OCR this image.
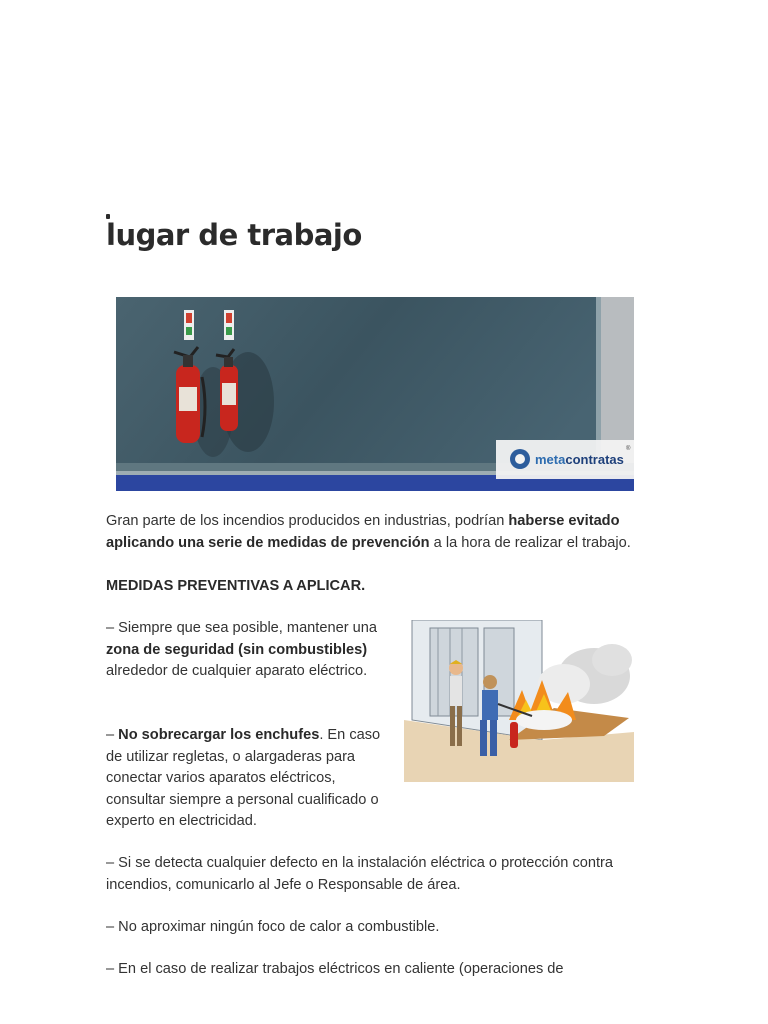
lugar de trabajo
metacontratas
®

Gran parte de los incendios producidos en industrias, podrían haberse evitado aplicando una serie de medidas de prevención a la hora de realizar el trabajo.

MEDIDAS PREVENTIVAS A APLICAR.

– Siempre que sea posible, mantener una zona de seguridad (sin combustibles) alrededor de cualquier aparato eléctrico.

– No sobrecargar los enchufes. En caso de utilizar regletas, o alargaderas para conectar varios aparatos eléctricos, consultar siempre a personal cualificado o experto en electricidad.

– Si se detecta cualquier defecto en la instalación eléctrica o protección contra incendios, comunicarlo al Jefe o Responsable de área.

– No aproximar ningún foco de calor a combustible.

– En el caso de realizar trabajos eléctricos en caliente (operaciones de
